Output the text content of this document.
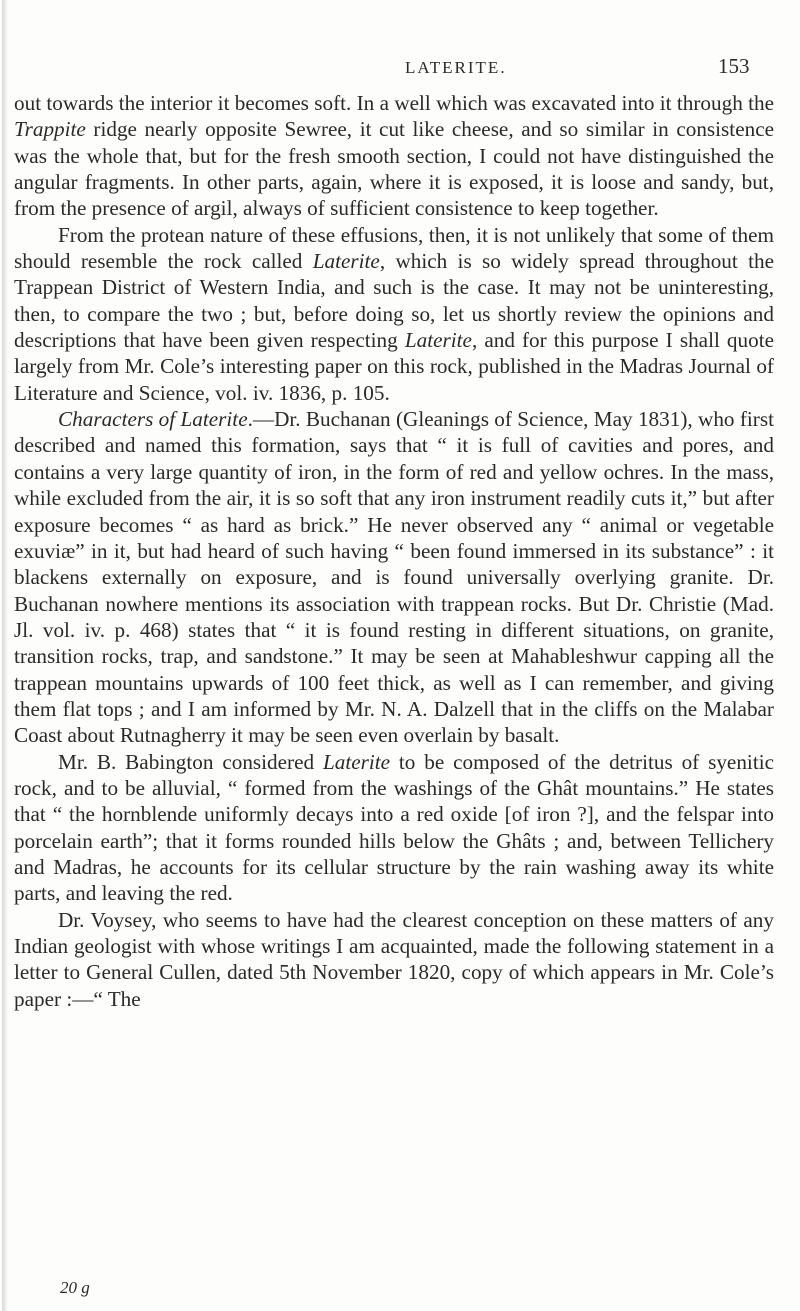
LATERITE.	153

out towards the interior it becomes soft. In a well which was excavated into it through the Trappite ridge nearly opposite Sewree, it cut like cheese, and so similar in consistence was the whole that, but for the fresh smooth section, I could not have distinguished the angular fragments. In other parts, again, where it is exposed, it is loose and sandy, but, from the presence of argil, always of sufficient consistence to keep together.

From the protean nature of these effusions, then, it is not unlikely that some of them should resemble the rock called Laterite, which is so widely spread throughout the Trappean District of Western India, and such is the case. It may not be uninteresting, then, to compare the two ; but, before doing so, let us shortly review the opinions and descriptions that have been given respecting Laterite, and for this purpose I shall quote largely from Mr. Cole’s interesting paper on this rock, published in the Madras Journal of Literature and Science, vol. iv. 1836, p. 105.

Characters of Laterite.—Dr. Buchanan (Gleanings of Science, May 1831), who first described and named this formation, says that “ it is full of cavities and pores, and contains a very large quantity of iron, in the form of red and yellow ochres. In the mass, while excluded from the air, it is so soft that any iron instrument readily cuts it,” but after exposure becomes “ as hard as brick.” He never observed any “ animal or vegetable exuviæ” in it, but had heard of such having “ been found immersed in its substance” : it blackens externally on exposure, and is found universally overlying granite. Dr. Buchanan nowhere mentions its association with trappean rocks. But Dr. Christie (Mad. Jl. vol. iv. p. 468) states that “ it is found resting in different situations, on granite, transition rocks, trap, and sandstone.” It may be seen at Mahableshwur capping all the trappean mountains upwards of 100 feet thick, as well as I can remember, and giving them flat tops ; and I am informed by Mr. N. A. Dalzell that in the cliffs on the Malabar Coast about Rutnagherry it may be seen even overlain by basalt.

Mr. B. Babington considered Laterite to be composed of the detritus of syenitic rock, and to be alluvial, “ formed from the washings of the Ghât mountains.” He states that “ the hornblende uniformly decays into a red oxide [of iron ?], and the felspar into porcelain earth”; that it forms rounded hills below the Ghâts ; and, between Tellichery and Madras, he accounts for its cellular structure by the rain washing away its white parts, and leaving the red.

Dr. Voysey, who seems to have had the clearest conception on these matters of any Indian geologist with whose writings I am acquainted, made the following statement in a letter to General Cullen, dated 5th November 1820, copy of which appears in Mr. Cole’s paper :—“ The

20 g
